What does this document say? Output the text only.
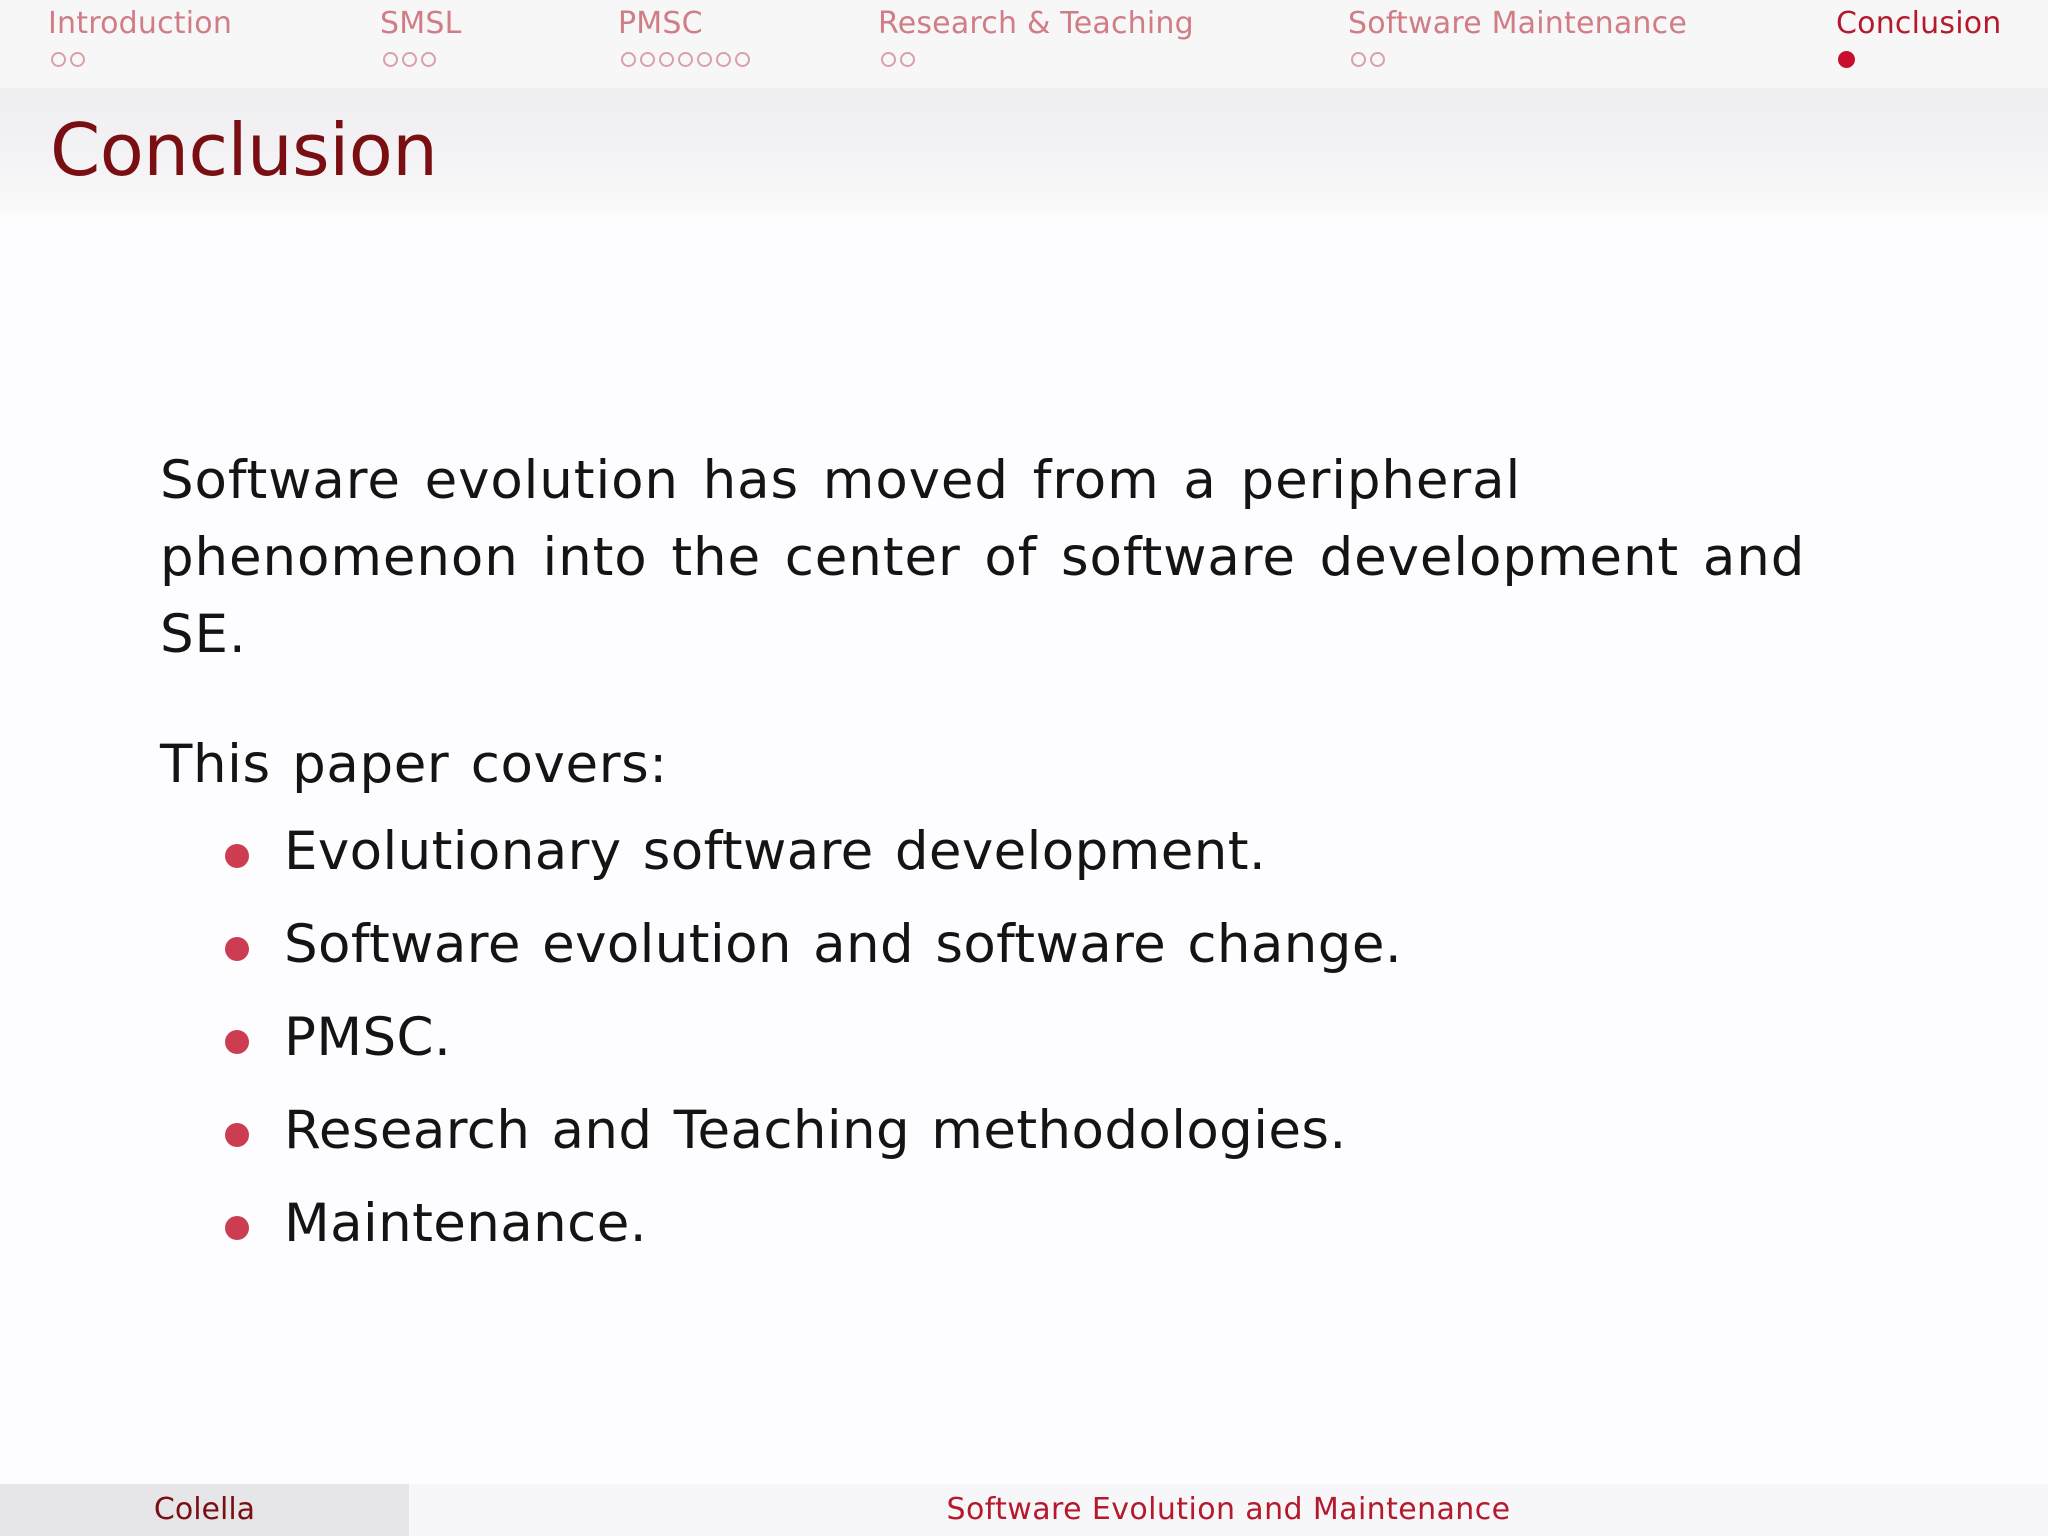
Introduction	SMSL	PMSC	Research & Teaching	Software Maintenance	Conclusion
Conclusion

Software evolution has moved from a peripheral phenomenon into the center of software development and SE.

This paper covers:

Evolutionary software development.
Software evolution and software change.
PMSC.
Research and Teaching methodologies.
Maintenance.
Colella	Software Evolution and Maintenance
